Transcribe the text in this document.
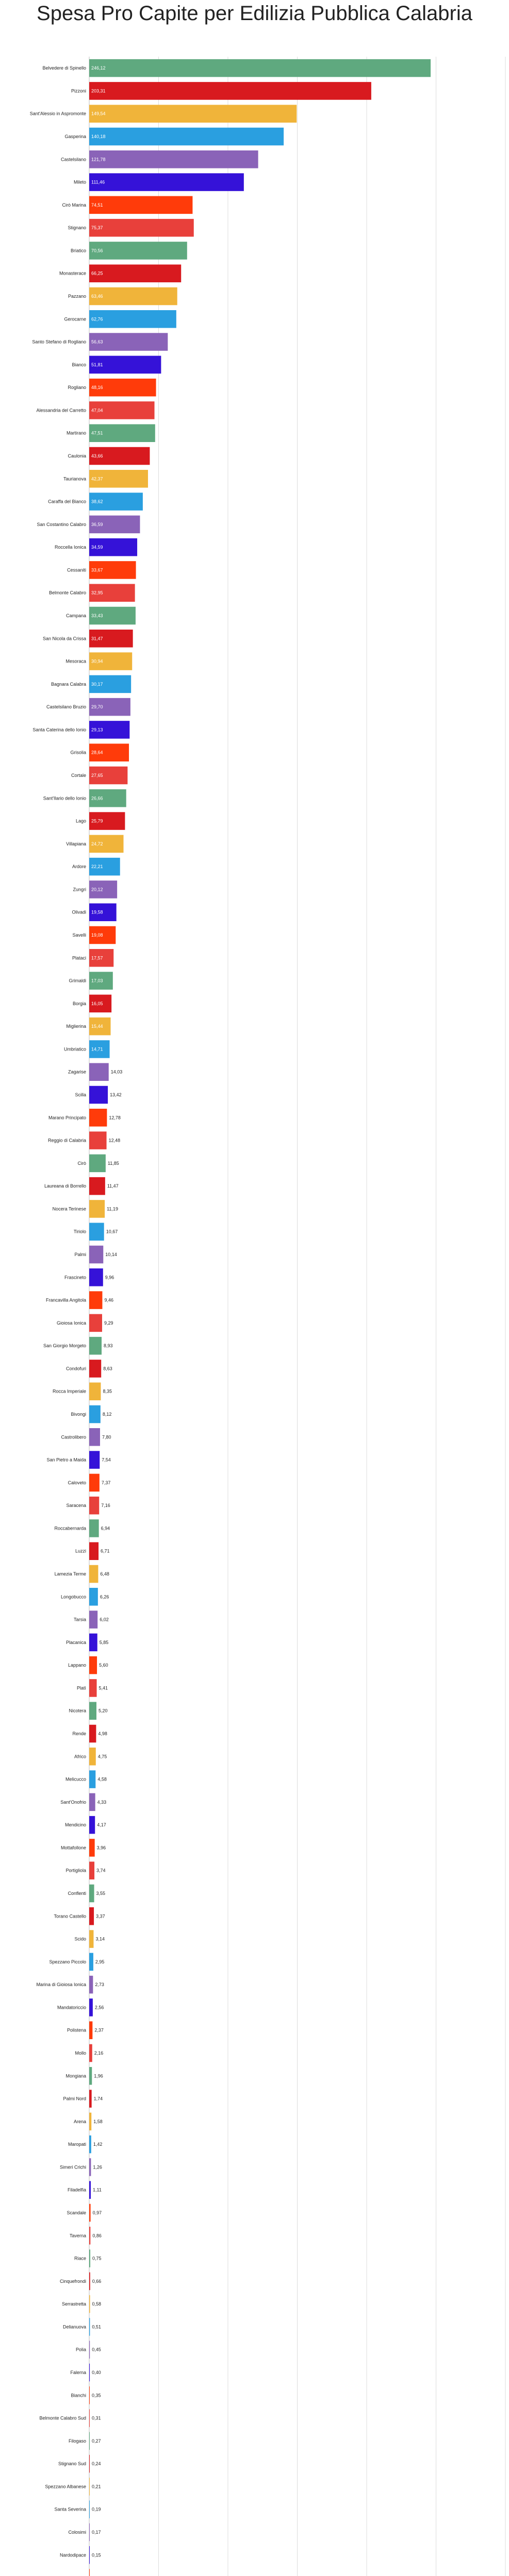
Spesa Pro Capite per Edilizia Pubblica Calabria
Belvedere di Spinello 246,12
Pizzoni 203,31
Sant'Alessio in Aspromonte 149,54
Gasperina 140,18
Castelsilano 121,78
Mileto 111,46
Cirò Marina 74,51
Stignano 75,37
Briatico 70,56
Monasterace 66,25
Pazzano 63,46
Gerocarne 62,76
Santo Stefano di Rogliano 56,63
Bianco 51,81
Rogliano 48,16
Alessandria del Carretto 47,04
Martirano 47,51
Caulonia 43,66
Taurianova 42,37
Caraffa del Bianco 38,62
San Costantino Calabro 36,59
Roccella Ionica 34,59
Cessaniti 33,67
Belmonte Calabro 32,95
Campana 33,43
San Nicola da Crissa 31,47
Mesoraca 30,94
Bagnara Calabra 30,17
Castelsilano Bruzio 29,70
Santa Caterina dello Ionio 29,13
Grisolia 28,64
Cortale 27,65
Sant'Ilario dello Ionio 26,66
Lago 25,79
Villapiana 24,72
Ardore 22,21
Zungri 20,12
Olivadi 19,58
Savelli 19,08
Plataci 17,57
Grimaldi 17,03
Borgia 16,05
Miglierina 15,44
Umbriatico 14,71
Zagarise	14,03
Scilla	13,42
Marano Principato	12,78
Reggio di Calabria	12,48
Cirò	11,85
Laureana di Borrello	11,47
Nocera Terinese	11,19
Tiriolo	10,67
Palmi	10,14
Frascineto	9,96
Francavilla Angitola	9,46
Gioiosa Ionica	9,29
San Giorgio Morgeto	8,93
Condofuri	8,63
Rocca Imperiale	8,35
Bivongi	8,12
Castrolibero	7,80
San Pietro a Maida	7,54
Caloveto	7,37
Saracena	7,16
Roccabernarda	6,94
Luzzi	6,71
Lamezia Terme	6,48
Longobucco	6,26
Tarsia	6,02
Placanica	5,85
Lappano	5,60
Platì	5,41
Nicotera	5,20
Rende	4,98
Africo	4,75
Melicucco 4,58
Sant'Onofrio 4,33
Mendicino 4,17
Mottafollone 3,96
Portigliola 3,74
Conflenti 3,55
Torano Castello 3,37
Scido 3,14
Spezzano Piccolo 2,95
Marina di Gioiosa Ionica 2,73
Mandatoriccio 2,56
Polistena 2,37
Mollo 2,16
Mongiana 1,96
Palmi Nord 1,74
Arena 1,58
Maropati 1,42
Simeri Crichi 1,26
Filadelfia 1,11
Scandale 0,97
Taverna 0,86
Riace 0,75
Cinquefrondi 0,66
Serrastretta 0,58
Delianuova 0,51
Polia 0,45
Falerna 0,40
Bianchi 0,35
Belmonte Calabro Sud 0,31
Filogaso 0,27
Stignano Sud 0,24
Spezzano Albanese 0,21
Santa Severina 0,19
Colosimi 0,17
Nardodipace 0,15
